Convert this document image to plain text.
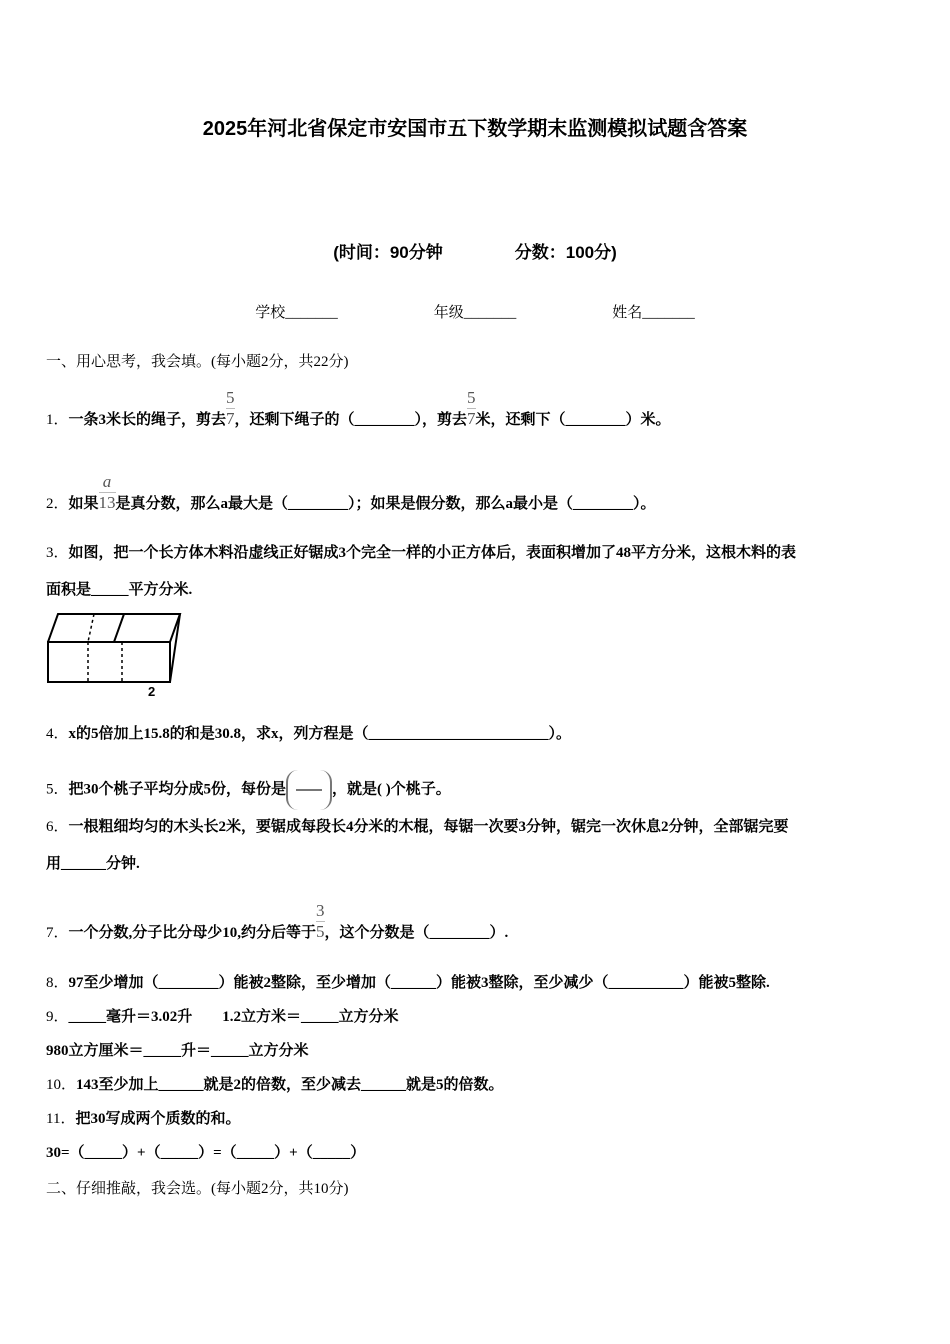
2025年河北省保定市安国市五下数学期末监测模拟试题含答案
(时间：90分钟	分数：100分)
学校_______	年级_______	姓名_______
一、用心思考，我会填。(每小题2分，共22分)
1．一条3米长的绳子，剪去 $\frac{5}{7}$ ，还剩下绳子的（________），剪去 $\frac{5}{7}$ 米，还剩下（________）米。
2．如果 $\frac{a}{13}$ 是真分数，那么a最大是（________）；如果是假分数，那么a最小是（________）。
3．如图，把一个长方体木料沿虚线正好锯成3个完全一样的小正方体后，表面积增加了48平方分米，这根木料的表
面积是_____平方分米.
2
4．x的5倍加上15.8的和是30.8，求x，列方程是（________________________）。
5．把30个桃子平均分成5份，每份是	，就是( )个桃子。
6．一根粗细均匀的木头长2米，要锯成每段长4分米的木棍，每锯一次要3分钟，锯完一次休息2分钟，全部锯完要
用______分钟.
7．一个分数,分子比分母少10,约分后等于 $\frac{3}{5}$ ，这个分数是（________）.
8．97至少增加（________）能被2整除，至少增加（______）能被3整除，至少减少（__________）能被5整除.
9．_____毫升＝3.02升　　1.2立方米＝_____立方分米
980立方厘米＝_____升＝_____立方分米
10．143至少加上______就是2的倍数，至少减去______就是5的倍数。
11．把30写成两个质数的和。
30=（_____）+（_____）=（_____）+（_____）
二、仔细推敲，我会选。(每小题2分，共10分)
